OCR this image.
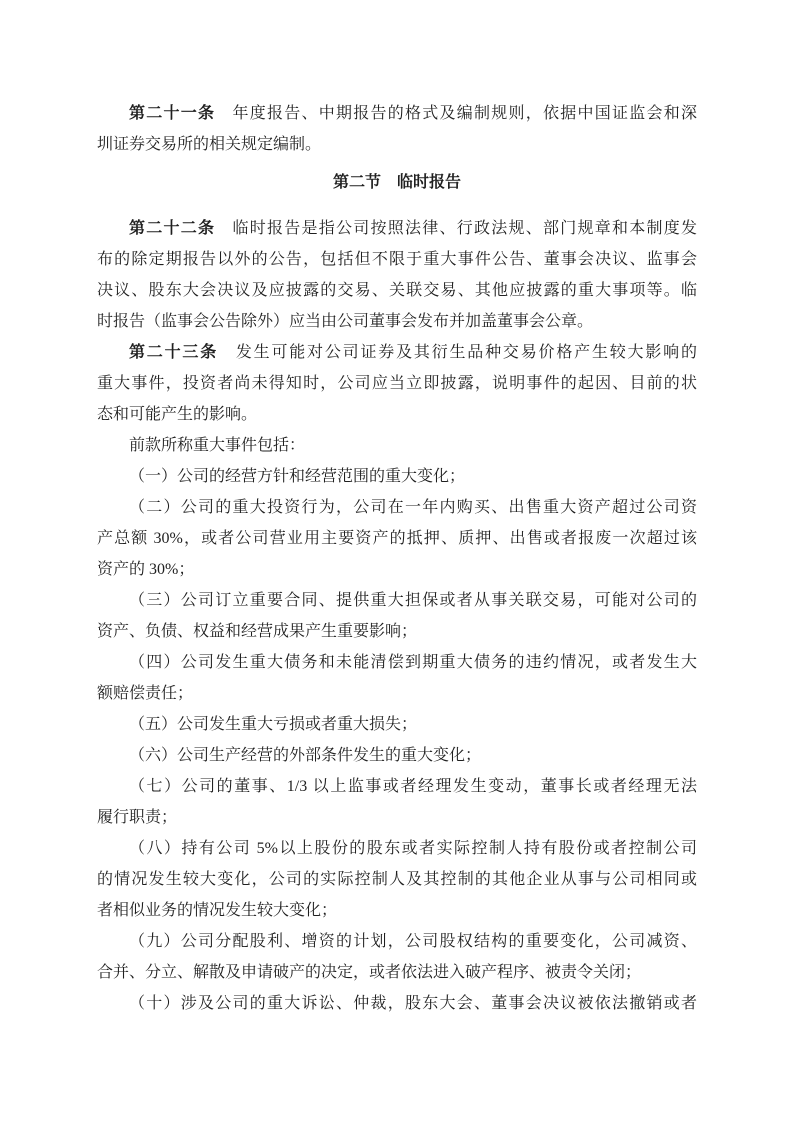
第二十一条 年度报告、中期报告的格式及编制规则，依据中国证监会和深
圳证券交易所的相关规定编制。
第二节　临时报告
第二十二条 临时报告是指公司按照法律、行政法规、部门规章和本制度发
布的除定期报告以外的公告，包括但不限于重大事件公告、董事会决议、监事会
决议、股东大会决议及应披露的交易、关联交易、其他应披露的重大事项等。临
时报告（监事会公告除外）应当由公司董事会发布并加盖董事会公章。
第二十三条 发生可能对公司证券及其衍生品种交易价格产生较大影响的
重大事件，投资者尚未得知时，公司应当立即披露，说明事件的起因、目前的状
态和可能产生的影响。
前款所称重大事件包括：
（一）公司的经营方针和经营范围的重大变化；
（二）公司的重大投资行为，公司在一年内购买、出售重大资产超过公司资
产总额 30%，或者公司营业用主要资产的抵押、质押、出售或者报废一次超过该
资产的 30%；
（三）公司订立重要合同、提供重大担保或者从事关联交易，可能对公司的
资产、负债、权益和经营成果产生重要影响；
（四）公司发生重大债务和未能清偿到期重大债务的违约情况，或者发生大
额赔偿责任；
（五）公司发生重大亏损或者重大损失；
（六）公司生产经营的外部条件发生的重大变化；
（七）公司的董事、1/3 以上监事或者经理发生变动，董事长或者经理无法
履行职责；
（八）持有公司 5%以上股份的股东或者实际控制人持有股份或者控制公司
的情况发生较大变化，公司的实际控制人及其控制的其他企业从事与公司相同或
者相似业务的情况发生较大变化；
（九）公司分配股利、增资的计划，公司股权结构的重要变化，公司减资、
合并、分立、解散及申请破产的决定，或者依法进入破产程序、被责令关闭；
（十）涉及公司的重大诉讼、仲裁，股东大会、董事会决议被依法撤销或者
